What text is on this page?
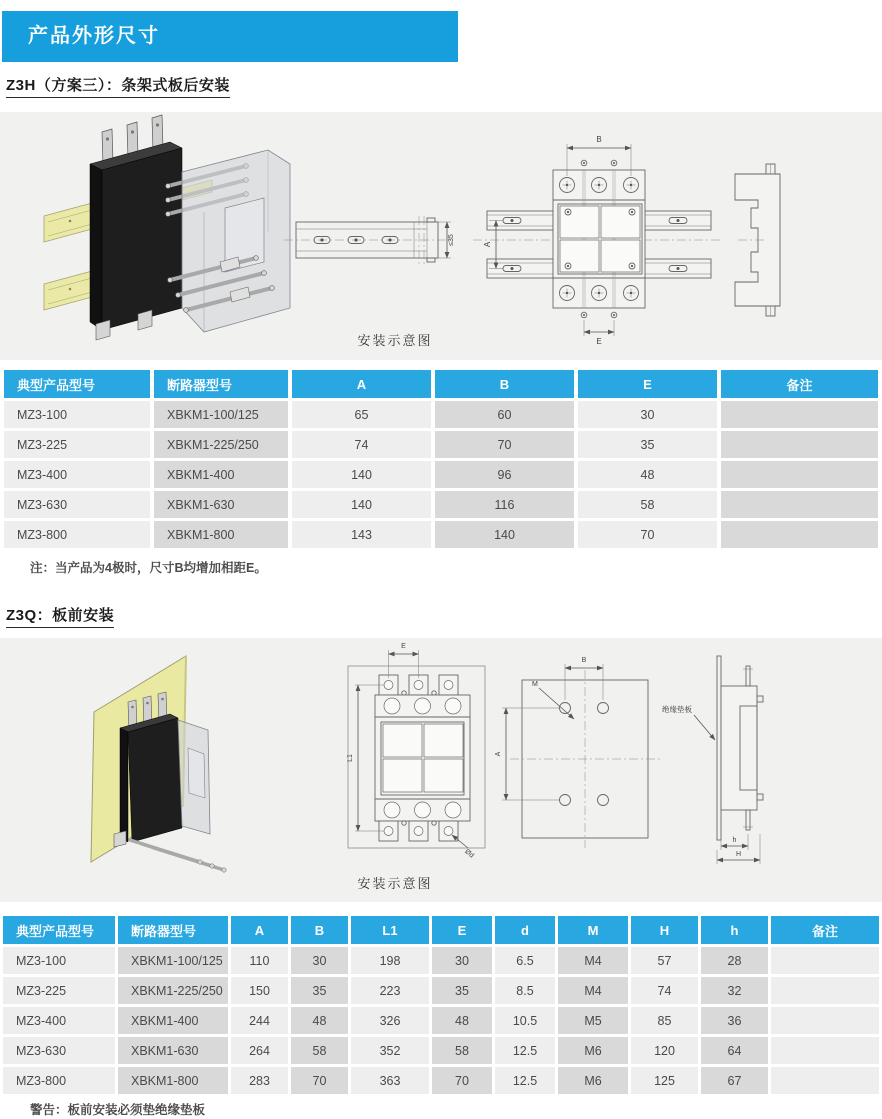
产品外形尺寸
Z3H（方案三）：条架式板后安装
≤35
B
A
E
安装示意图
典型产品型号	断路器型号	A	B	E	备注
MZ3-100	XBKM1-100/125	65	60	30	
MZ3-225	XBKM1-225/250	74	70	35	
MZ3-400	XBKM1-400	140	96	48	
MZ3-630	XBKM1-630	140	116	58	
MZ3-800	XBKM1-800	143	140	70	
注：当产品为4极时，尺寸B均增加相距E。
Z3Q：板前安装
E
L1
Ød
B
M
A
绝缘垫板
h
H
安装示意图
典型产品型号	断路器型号	A	B	L1	E	d	M	H	h	备注
MZ3-100	XBKM1-100/125	110	30	198	30	6.5	M4	57	28	
MZ3-225	XBKM1-225/250	150	35	223	35	8.5	M4	74	32	
MZ3-400	XBKM1-400	244	48	326	48	10.5	M5	85	36	
MZ3-630	XBKM1-630	264	58	352	58	12.5	M6	120	64	
MZ3-800	XBKM1-800	283	70	363	70	12.5	M6	125	67	
警告：板前安装必须垫绝缘垫板
